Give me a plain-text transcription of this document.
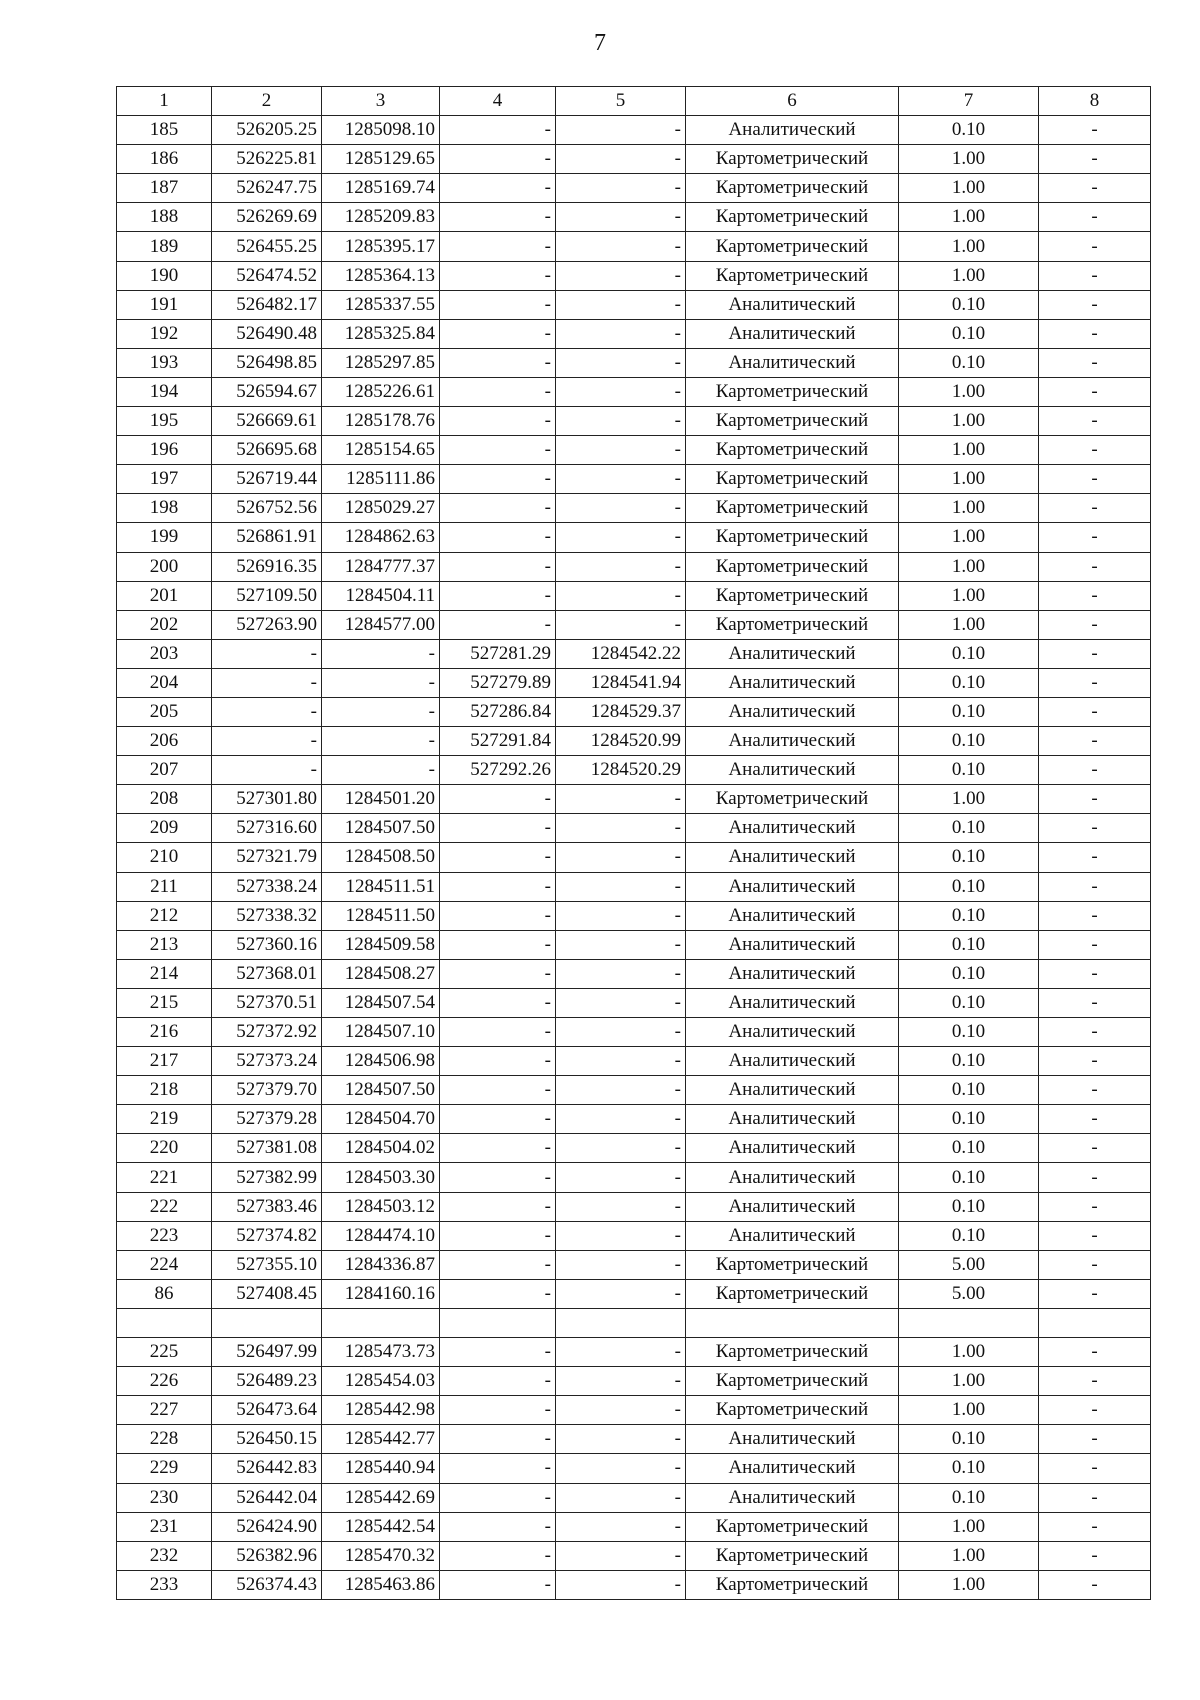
7
1	2	3	4	5	6	7	8
185	526205.25	1285098.10	-	-	Аналитический	0.10	-
186	526225.81	1285129.65	-	-	Картометрический	1.00	-
187	526247.75	1285169.74	-	-	Картометрический	1.00	-
188	526269.69	1285209.83	-	-	Картометрический	1.00	-
189	526455.25	1285395.17	-	-	Картометрический	1.00	-
190	526474.52	1285364.13	-	-	Картометрический	1.00	-
191	526482.17	1285337.55	-	-	Аналитический	0.10	-
192	526490.48	1285325.84	-	-	Аналитический	0.10	-
193	526498.85	1285297.85	-	-	Аналитический	0.10	-
194	526594.67	1285226.61	-	-	Картометрический	1.00	-
195	526669.61	1285178.76	-	-	Картометрический	1.00	-
196	526695.68	1285154.65	-	-	Картометрический	1.00	-
197	526719.44	1285111.86	-	-	Картометрический	1.00	-
198	526752.56	1285029.27	-	-	Картометрический	1.00	-
199	526861.91	1284862.63	-	-	Картометрический	1.00	-
200	526916.35	1284777.37	-	-	Картометрический	1.00	-
201	527109.50	1284504.11	-	-	Картометрический	1.00	-
202	527263.90	1284577.00	-	-	Картометрический	1.00	-
203	-	-	527281.29	1284542.22	Аналитический	0.10	-
204	-	-	527279.89	1284541.94	Аналитический	0.10	-
205	-	-	527286.84	1284529.37	Аналитический	0.10	-
206	-	-	527291.84	1284520.99	Аналитический	0.10	-
207	-	-	527292.26	1284520.29	Аналитический	0.10	-
208	527301.80	1284501.20	-	-	Картометрический	1.00	-
209	527316.60	1284507.50	-	-	Аналитический	0.10	-
210	527321.79	1284508.50	-	-	Аналитический	0.10	-
211	527338.24	1284511.51	-	-	Аналитический	0.10	-
212	527338.32	1284511.50	-	-	Аналитический	0.10	-
213	527360.16	1284509.58	-	-	Аналитический	0.10	-
214	527368.01	1284508.27	-	-	Аналитический	0.10	-
215	527370.51	1284507.54	-	-	Аналитический	0.10	-
216	527372.92	1284507.10	-	-	Аналитический	0.10	-
217	527373.24	1284506.98	-	-	Аналитический	0.10	-
218	527379.70	1284507.50	-	-	Аналитический	0.10	-
219	527379.28	1284504.70	-	-	Аналитический	0.10	-
220	527381.08	1284504.02	-	-	Аналитический	0.10	-
221	527382.99	1284503.30	-	-	Аналитический	0.10	-
222	527383.46	1284503.12	-	-	Аналитический	0.10	-
223	527374.82	1284474.10	-	-	Аналитический	0.10	-
224	527355.10	1284336.87	-	-	Картометрический	5.00	-
86	527408.45	1284160.16	-	-	Картометрический	5.00	-

225	526497.99	1285473.73	-	-	Картометрический	1.00	-
226	526489.23	1285454.03	-	-	Картометрический	1.00	-
227	526473.64	1285442.98	-	-	Картометрический	1.00	-
228	526450.15	1285442.77	-	-	Аналитический	0.10	-
229	526442.83	1285440.94	-	-	Аналитический	0.10	-
230	526442.04	1285442.69	-	-	Аналитический	0.10	-
231	526424.90	1285442.54	-	-	Картометрический	1.00	-
232	526382.96	1285470.32	-	-	Картометрический	1.00	-
233	526374.43	1285463.86	-	-	Картометрический	1.00	-
